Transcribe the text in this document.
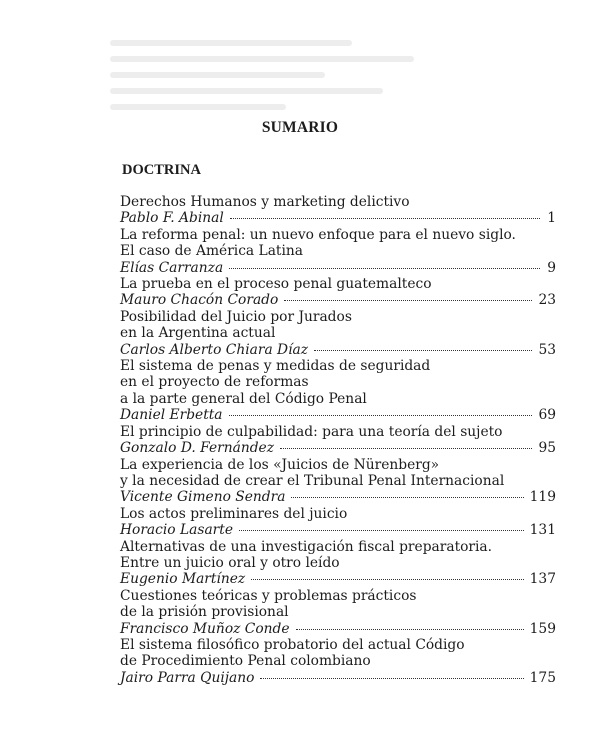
SUMARIO
DOCTRINA
Derechos Humanos y marketing delictivo
Pablo F. Abinal	1
La reforma penal: un nuevo enfoque para el nuevo siglo.
El caso de América Latina
Elías Carranza	9
La prueba en el proceso penal guatemalteco
Mauro Chacón Corado	23
Posibilidad del Juicio por Jurados
en la Argentina actual
Carlos Alberto Chiara Díaz	53
El sistema de penas y medidas de seguridad
en el proyecto de reformas
a la parte general del Código Penal
Daniel Erbetta	69
El principio de culpabilidad: para una teoría del sujeto
Gonzalo D. Fernández	95
La experiencia de los «Juicios de Nürenberg»
y la necesidad de crear el Tribunal Penal Internacional
Vicente Gimeno Sendra	119
Los actos preliminares del juicio
Horacio Lasarte	131
Alternativas de una investigación fiscal preparatoria.
Entre un juicio oral y otro leído
Eugenio Martínez	137
Cuestiones teóricas y problemas prácticos
de la prisión provisional
Francisco Muñoz Conde	159
El sistema filosófico probatorio del actual Código
de Procedimiento Penal colombiano
Jairo Parra Quijano	175
